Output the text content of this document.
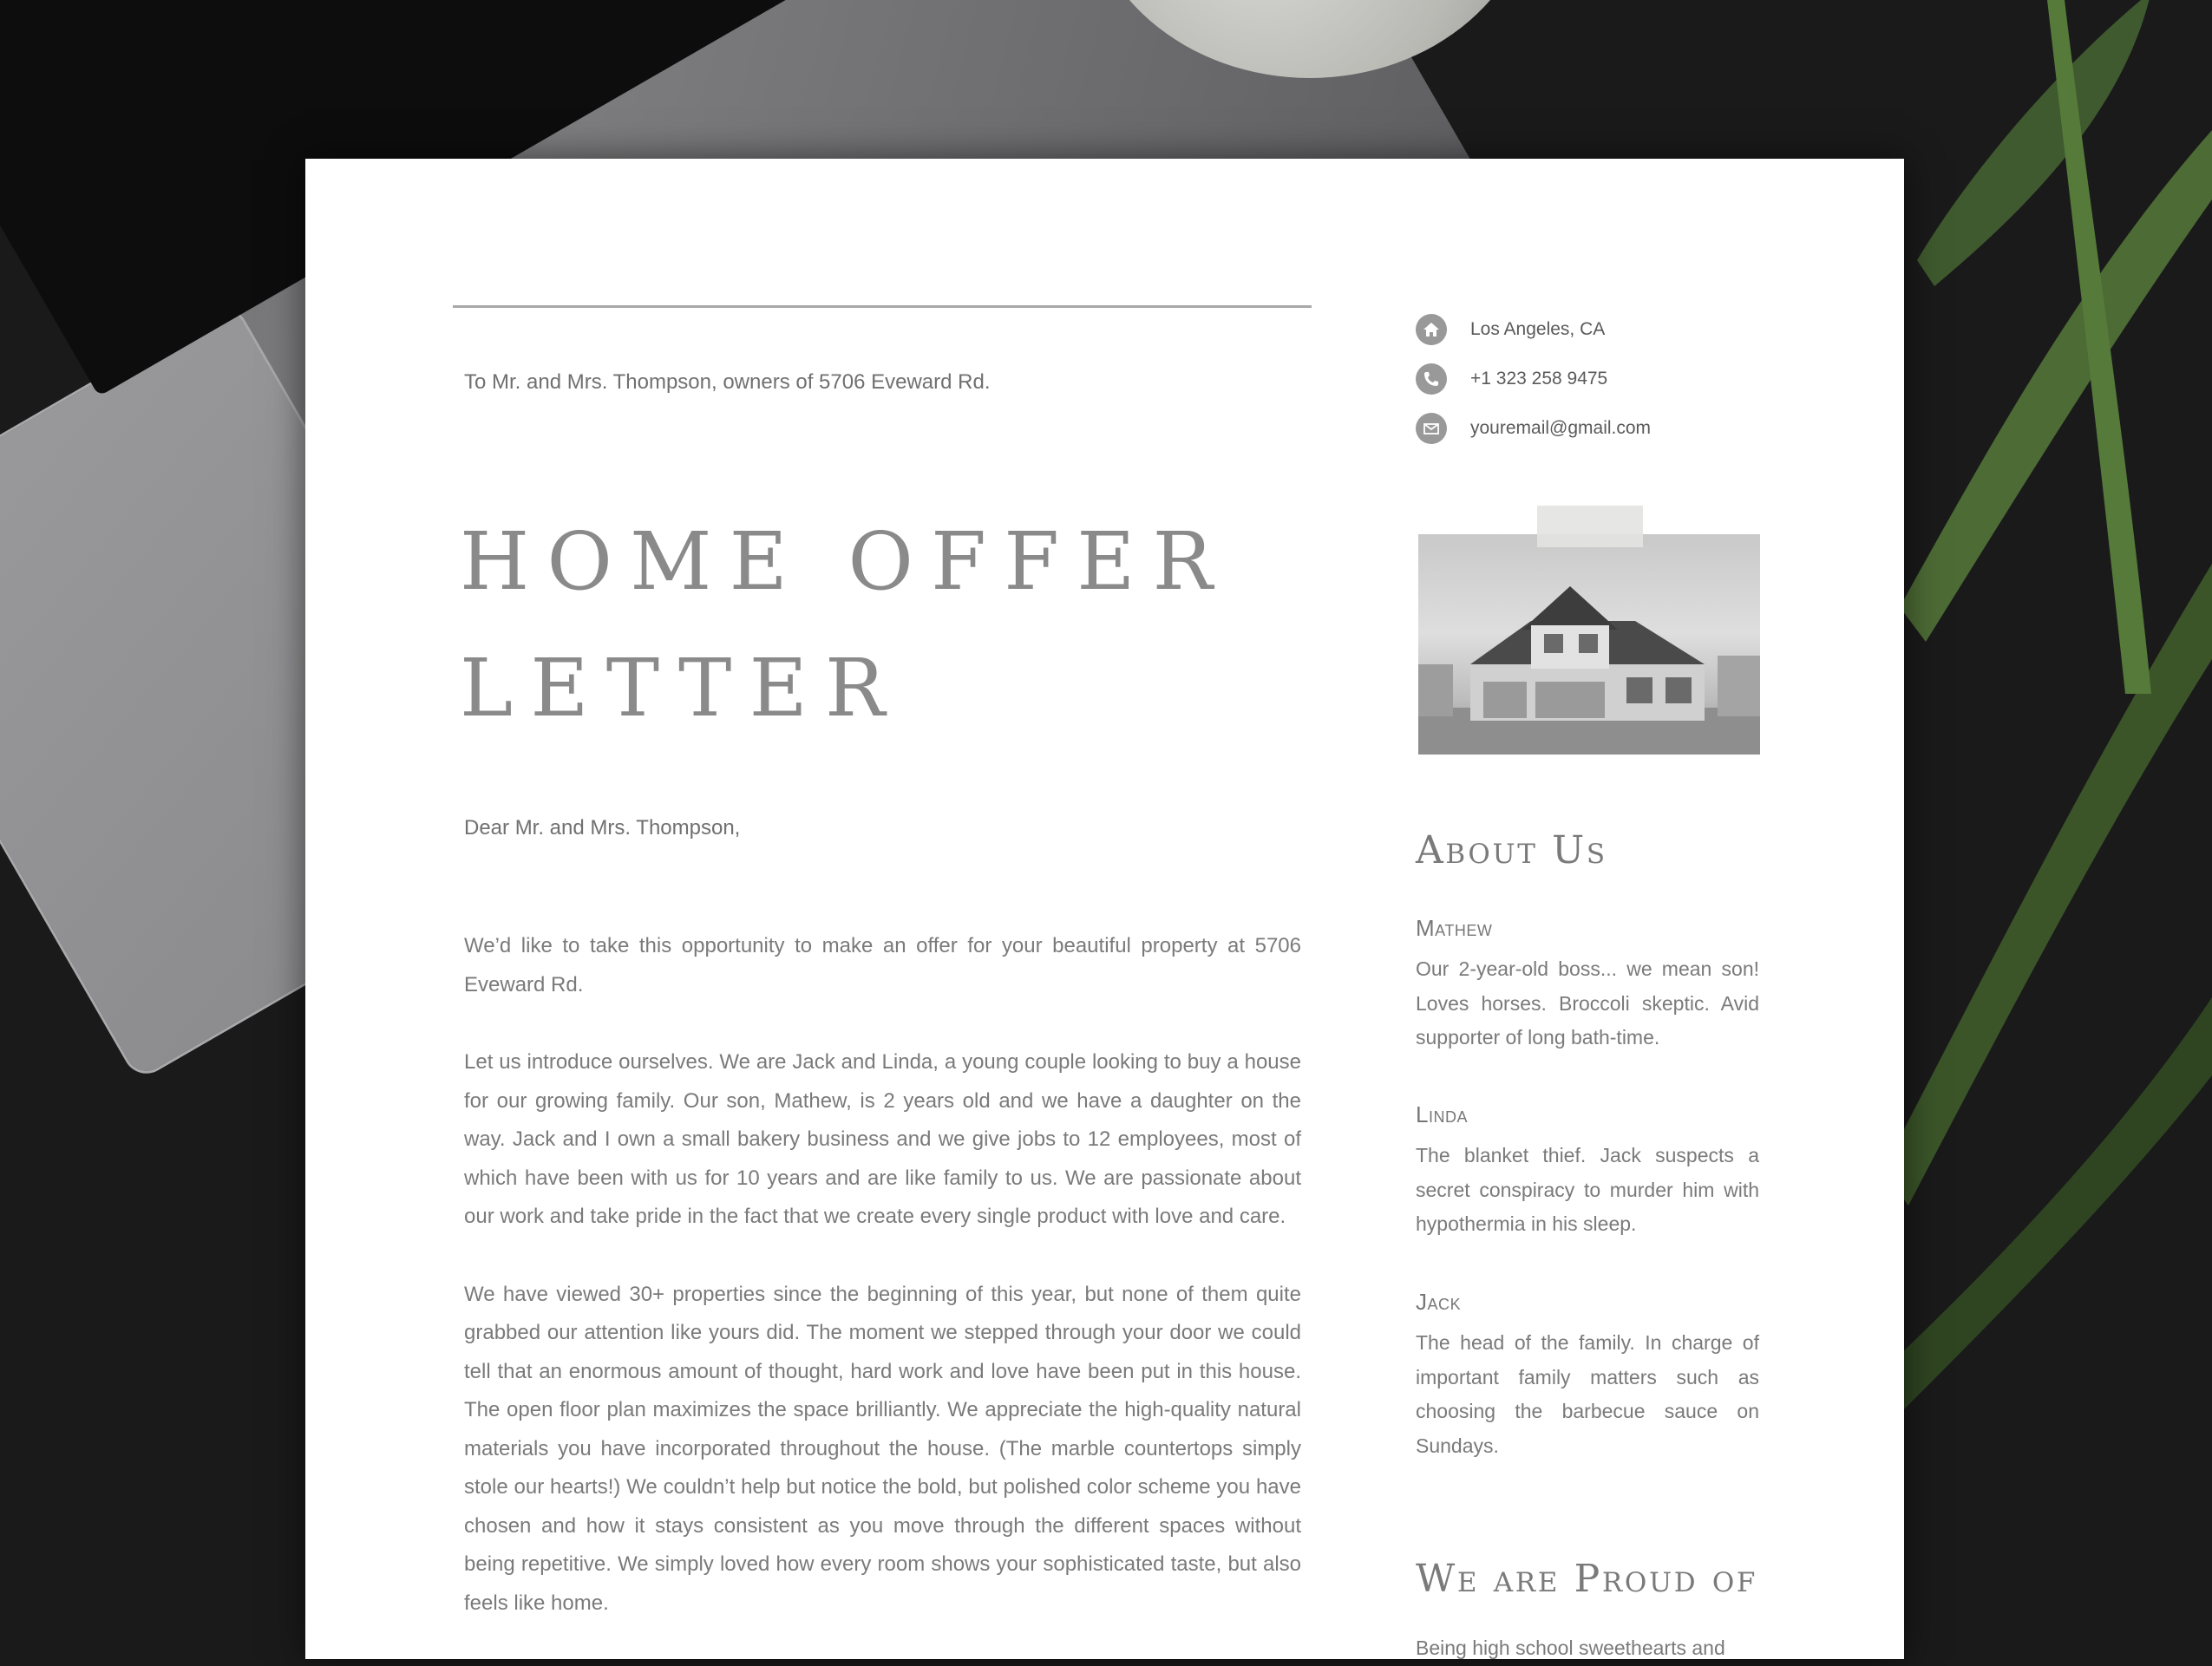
To Mr. and Mrs. Thompson, owners of 5706 Eveward Rd.

HOME OFFER
LETTER

Dear Mr. and Mrs. Thompson,

We’d like to take this opportunity to make an offer for your beautiful property at 5706 Eveward Rd.

Let us introduce ourselves. We are Jack and Linda, a young couple looking to buy a house for our growing family. Our son, Mathew, is 2 years old and we have a daughter on the way. Jack and I own a small bakery business and we give jobs to 12 employees, most of which have been with us for 10 years and are like family to us. We are passionate about our work and take pride in the fact that we create every single product with love and care.

We have viewed 30+ properties since the beginning of this year, but none of them quite grabbed our attention like yours did. The moment we stepped through your door we could tell that an enormous amount of thought, hard work and love have been put in this house. The open floor plan maximizes the space brilliantly. We appreciate the high-quality natural materials you have incorporated throughout the house. (The marble countertops simply stole our hearts!) We couldn’t help but notice the bold, but polished color scheme you have chosen and how it stays consistent as you move through the different spaces without being repetitive. We simply loved how every room shows your sophisticated taste, but also feels like home.

Los Angeles, CA
+1 323 258 9475
youremail@gmail.com
About Us

Mathew

Our 2-year-old boss... we mean son! Loves horses. Broccoli skeptic. Avid supporter of long bath-time.

Linda

The blanket thief. Jack suspects a secret conspiracy to murder him with hypothermia in his sleep.

Jack

The head of the family. In charge of important family matters such as choosing the barbecue sauce on Sundays.

We are Proud of

Being high school sweethearts and
